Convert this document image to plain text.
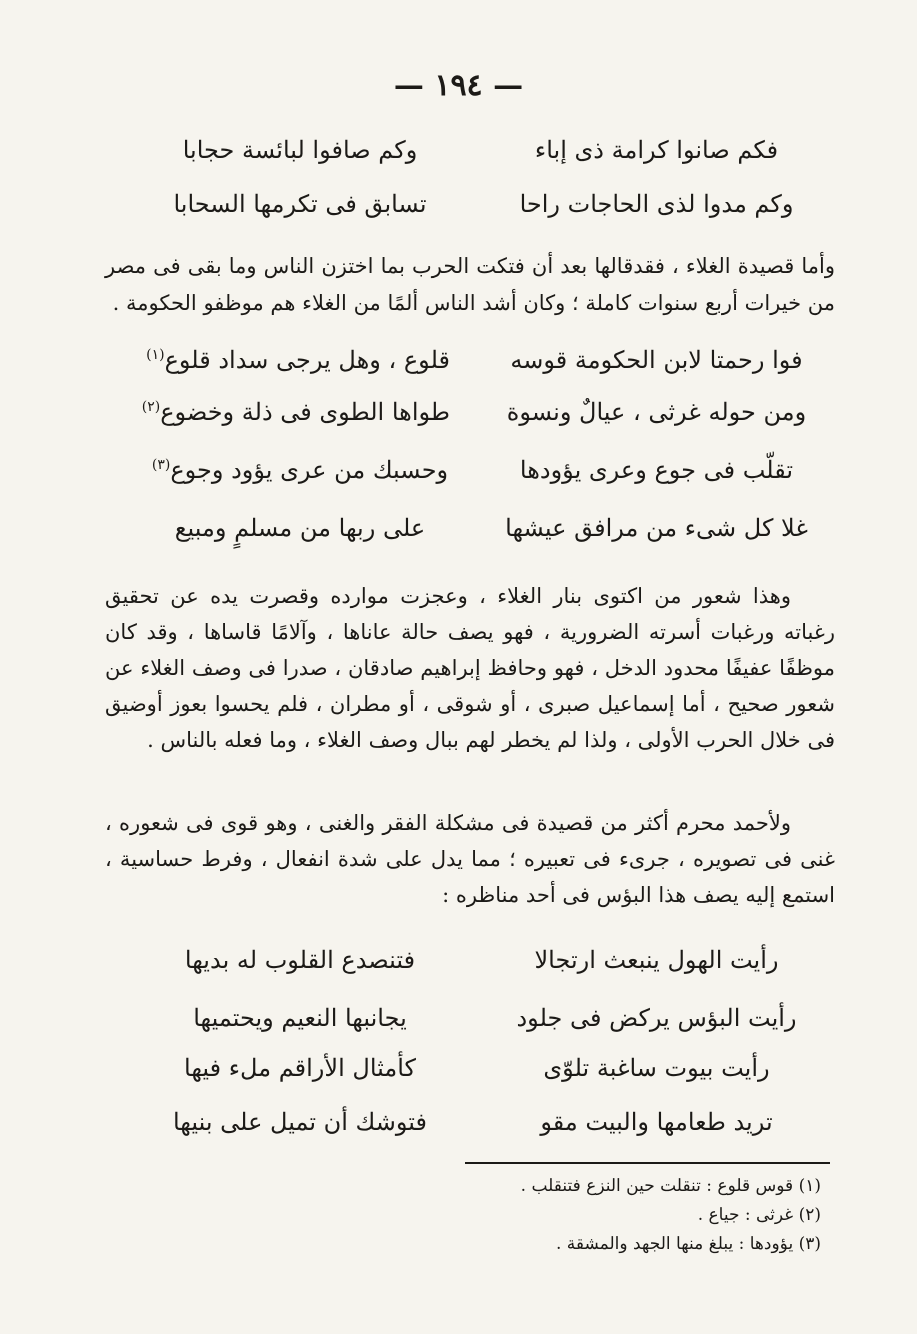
— ١٩٤ —
فكم صانوا كرامة ذى إباء
وكم صافوا لبائسة حجابا
وكم مدوا لذى الحاجات راحا
تسابق فى تكرمها السحابا

وأما قصيدة الغلاء ، فقدقالها بعد أن فتكت الحرب بما اختزن الناس وما بقى فى مصر من خيرات أربع سنوات كاملة ؛ وكان أشد الناس ألمًا من الغلاء هم موظفو الحكومة .

فوا رحمتا لابن الحكومة قوسه
قلوع ، وهل يرجى سداد قلوع$^{(١)}$
ومن حوله غرثى ، عيالٌ ونسوة
طواها الطوى فى ذلة وخضوع$^{(٢)}$
تقلّب فى جوع وعرى يؤودها
وحسبك من عرى يؤود وجوع$^{(٣)}$
غلا كل شىء من مرافق عيشها
على ربها من مسلمٍ ومبيع

وهذا شعور من اكتوى بنار الغلاء ، وعجزت موارده وقصرت يده عن تحقيق رغباته ورغبات أسرته الضرورية ، فهو يصف حالة عاناها ، وآلامًا قاساها ، وقد كان موظفًا عفيفًا محدود الدخل ، فهو وحافظ إبراهيم صادقان ، صدرا فى وصف الغلاء عن شعور صحيح ، أما إسماعيل صبرى ، أو شوقى ، أو مطران ، فلم يحسوا بعوز أوضيق فى خلال الحرب الأولى ، ولذا لم يخطر لهم ببال وصف الغلاء ، وما فعله بالناس .

ولأحمد محرم أكثر من قصيدة فى مشكلة الفقر والغنى ، وهو قوى فى شعوره ، غنى فى تصويره ، جرىء فى تعبيره ؛ مما يدل على شدة انفعال ، وفرط حساسية ، استمع إليه يصف هذا البؤس فى أحد مناظره :

رأيت الهول ينبعث ارتجالا
فتنصدع القلوب له بديها
رأيت البؤس يركض فى جلود
يجانبها النعيم ويحتميها
رأيت بيوت ساغبة تلوّى
كأمثال الأراقم ملء فيها
تريد طعامها والبيت مقو
فتوشك أن تميل على بنيها
(١) قوس قلوع : تنقلت حين النزع فتنقلب .
(٢) غرثى : جياع .
(٣) يؤودها : يبلغ منها الجهد والمشقة .
